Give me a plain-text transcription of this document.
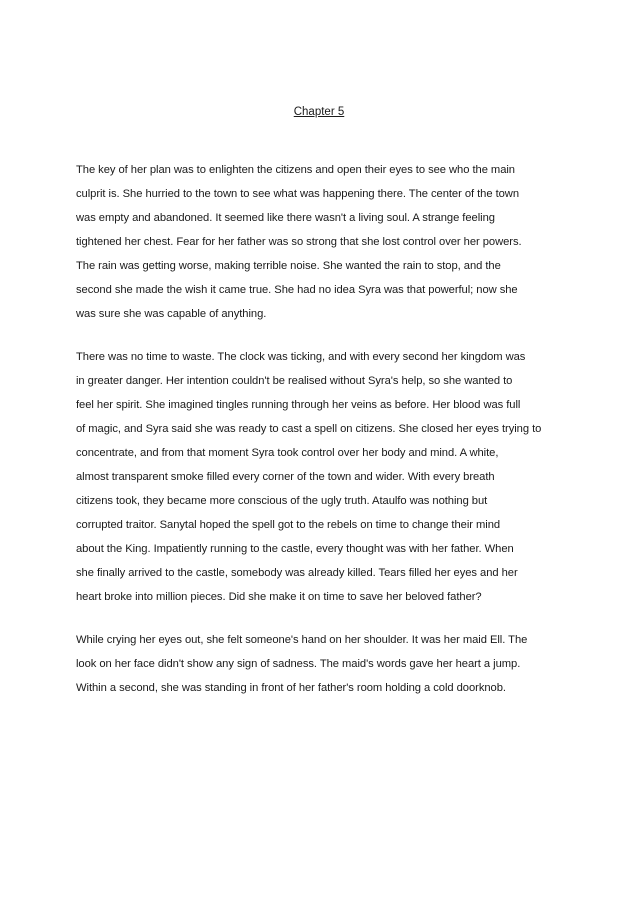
Chapter 5
The key of her plan was to enlighten the citizens and open their eyes to see who the main
culprit is. She hurried to the town to see what was happening there. The center of the town
was empty and abandoned. It seemed like there wasn't a living soul. A strange feeling
tightened her chest. Fear for her father was so strong that she lost control over her powers.
The rain was getting worse, making terrible noise. She wanted the rain to stop, and the
second she made the wish it came true. She had no idea Syra was that powerful; now she
was sure she was capable of anything.
There was no time to waste. The clock was ticking, and with every second her kingdom was
in greater danger. Her intention couldn't be realised without Syra's help, so she wanted to
feel her spirit. She imagined tingles running through her veins as before. Her blood was full
of magic, and Syra said she was ready to cast a spell on citizens. She closed her eyes trying to
concentrate, and from that moment Syra took control over her body and mind. A white,
almost transparent smoke filled every corner of the town and wider. With every breath
citizens took, they became more conscious of the ugly truth. Ataulfo was nothing but
corrupted traitor. Sanytal hoped the spell got to the rebels on time to change their mind
about the King. Impatiently running to the castle, every thought was with her father. When
she finally arrived to the castle, somebody was already killed. Tears filled her eyes and her
heart broke into million pieces. Did she make it on time to save her beloved father?
While crying her eyes out, she felt someone's hand on her shoulder. It was her maid Ell. The
look on her face didn't show any sign of sadness. The maid's words gave her heart a jump.
Within a second, she was standing in front of her father's room holding a cold doorknob.
